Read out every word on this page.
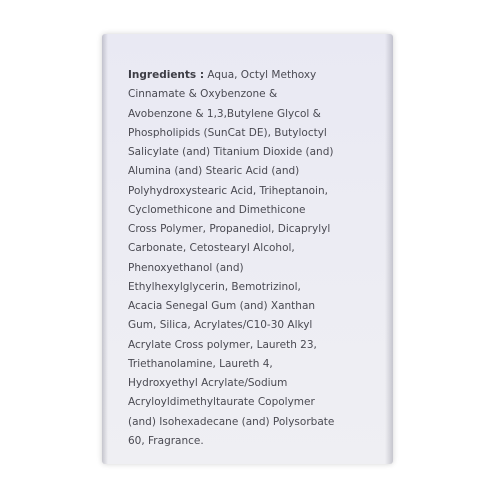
Ingredients : Aqua, Octyl Methoxy
Cinnamate & Oxybenzone &
Avobenzone & 1,3,Butylene Glycol &
Phospholipids (SunCat DE), Butyloctyl
Salicylate (and) Titanium Dioxide (and)
Alumina (and) Stearic Acid (and)
Polyhydroxystearic Acid, Triheptanoin,
Cyclomethicone and Dimethicone
Cross Polymer, Propanediol, Dicaprylyl
Carbonate, Cetostearyl Alcohol,
Phenoxyethanol (and)
Ethylhexylglycerin, Bemotrizinol,
Acacia Senegal Gum (and) Xanthan
Gum, Silica, Acrylates/C10-30 Alkyl
Acrylate Cross polymer, Laureth 23,
Triethanolamine, Laureth 4,
Hydroxyethyl Acrylate/Sodium
Acryloyldimethyltaurate Copolymer
(and) Isohexadecane (and) Polysorbate
60, Fragrance.
